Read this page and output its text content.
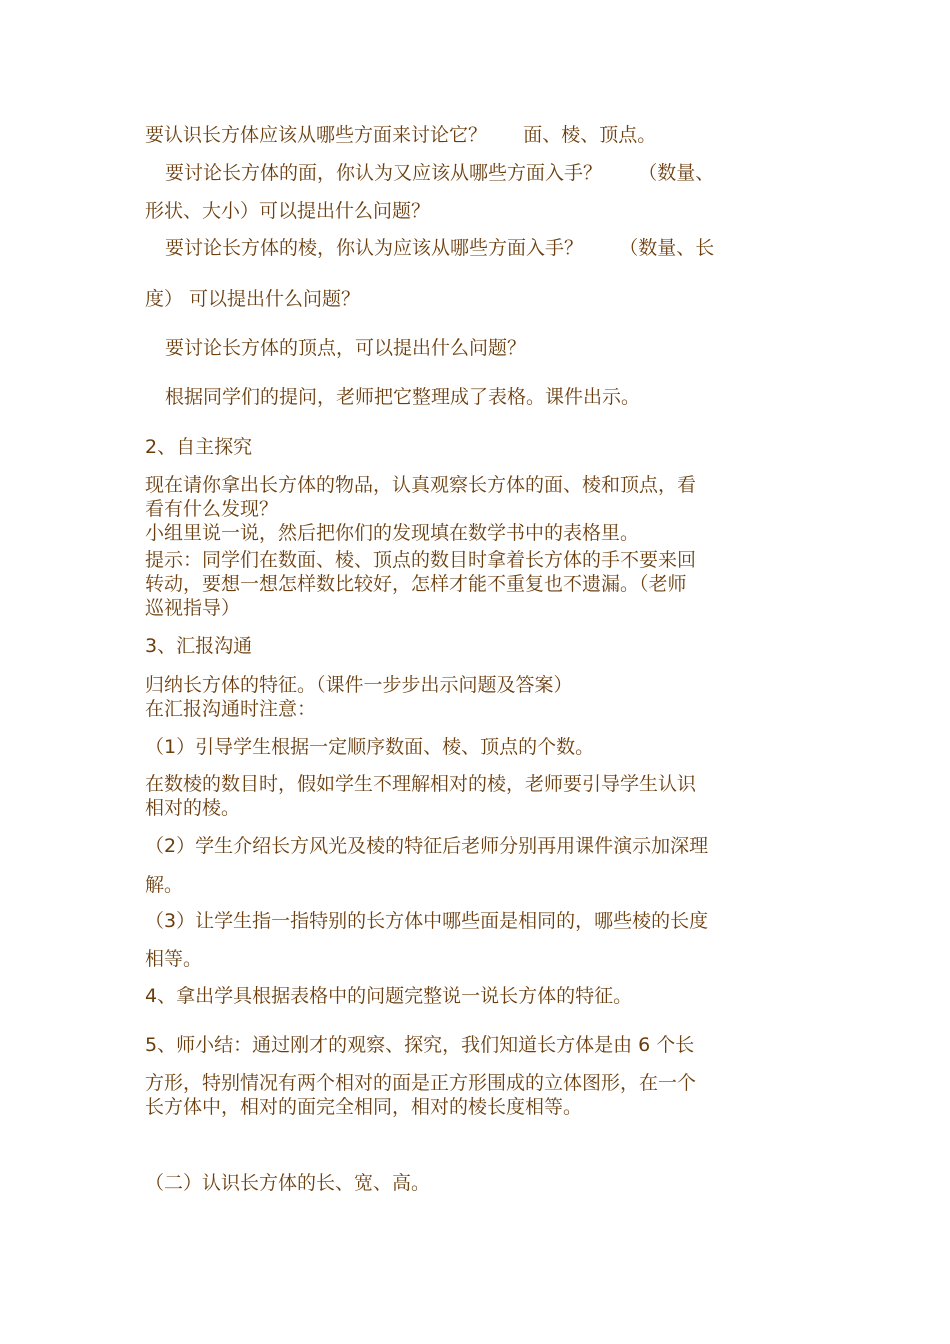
要认识长方体应该从哪些方面来讨论它？      面、棱、顶点。
要讨论长方体的面，你认为又应该从哪些方面入手？      （数量、
形状、大小）可以提出什么问题？
要讨论长方体的棱，你认为应该从哪些方面入手？      （数量、长
度） 可以提出什么问题？
要讨论长方体的顶点，可以提出什么问题？
根据同学们的提问，老师把它整理成了表格。课件出示。
2、自主探究
现在请你拿出长方体的物品，认真观察长方体的面、棱和顶点，看
看有什么发现？
小组里说一说，然后把你们的发现填在数学书中的表格里。
提示：同学们在数面、棱、顶点的数目时拿着长方体的手不要来回
转动，要想一想怎样数比较好，怎样才能不重复也不遗漏。（老师
巡视指导）
3、汇报沟通
归纳长方体的特征。（课件一步步出示问题及答案）
在汇报沟通时注意：
（1）引导学生根据一定顺序数面、棱、顶点的个数。
在数棱的数目时，假如学生不理解相对的棱，老师要引导学生认识
相对的棱。
（2）学生介绍长方风光及棱的特征后老师分别再用课件演示加深理
解。
（3）让学生指一指特别的长方体中哪些面是相同的，哪些棱的长度
相等。
4、拿出学具根据表格中的问题完整说一说长方体的特征。
5、师小结：通过刚才的观察、探究，我们知道长方体是由 6 个长
方形，特别情况有两个相对的面是正方形围成的立体图形，在一个
长方体中，相对的面完全相同，相对的棱长度相等。
（二）认识长方体的长、宽、高。
